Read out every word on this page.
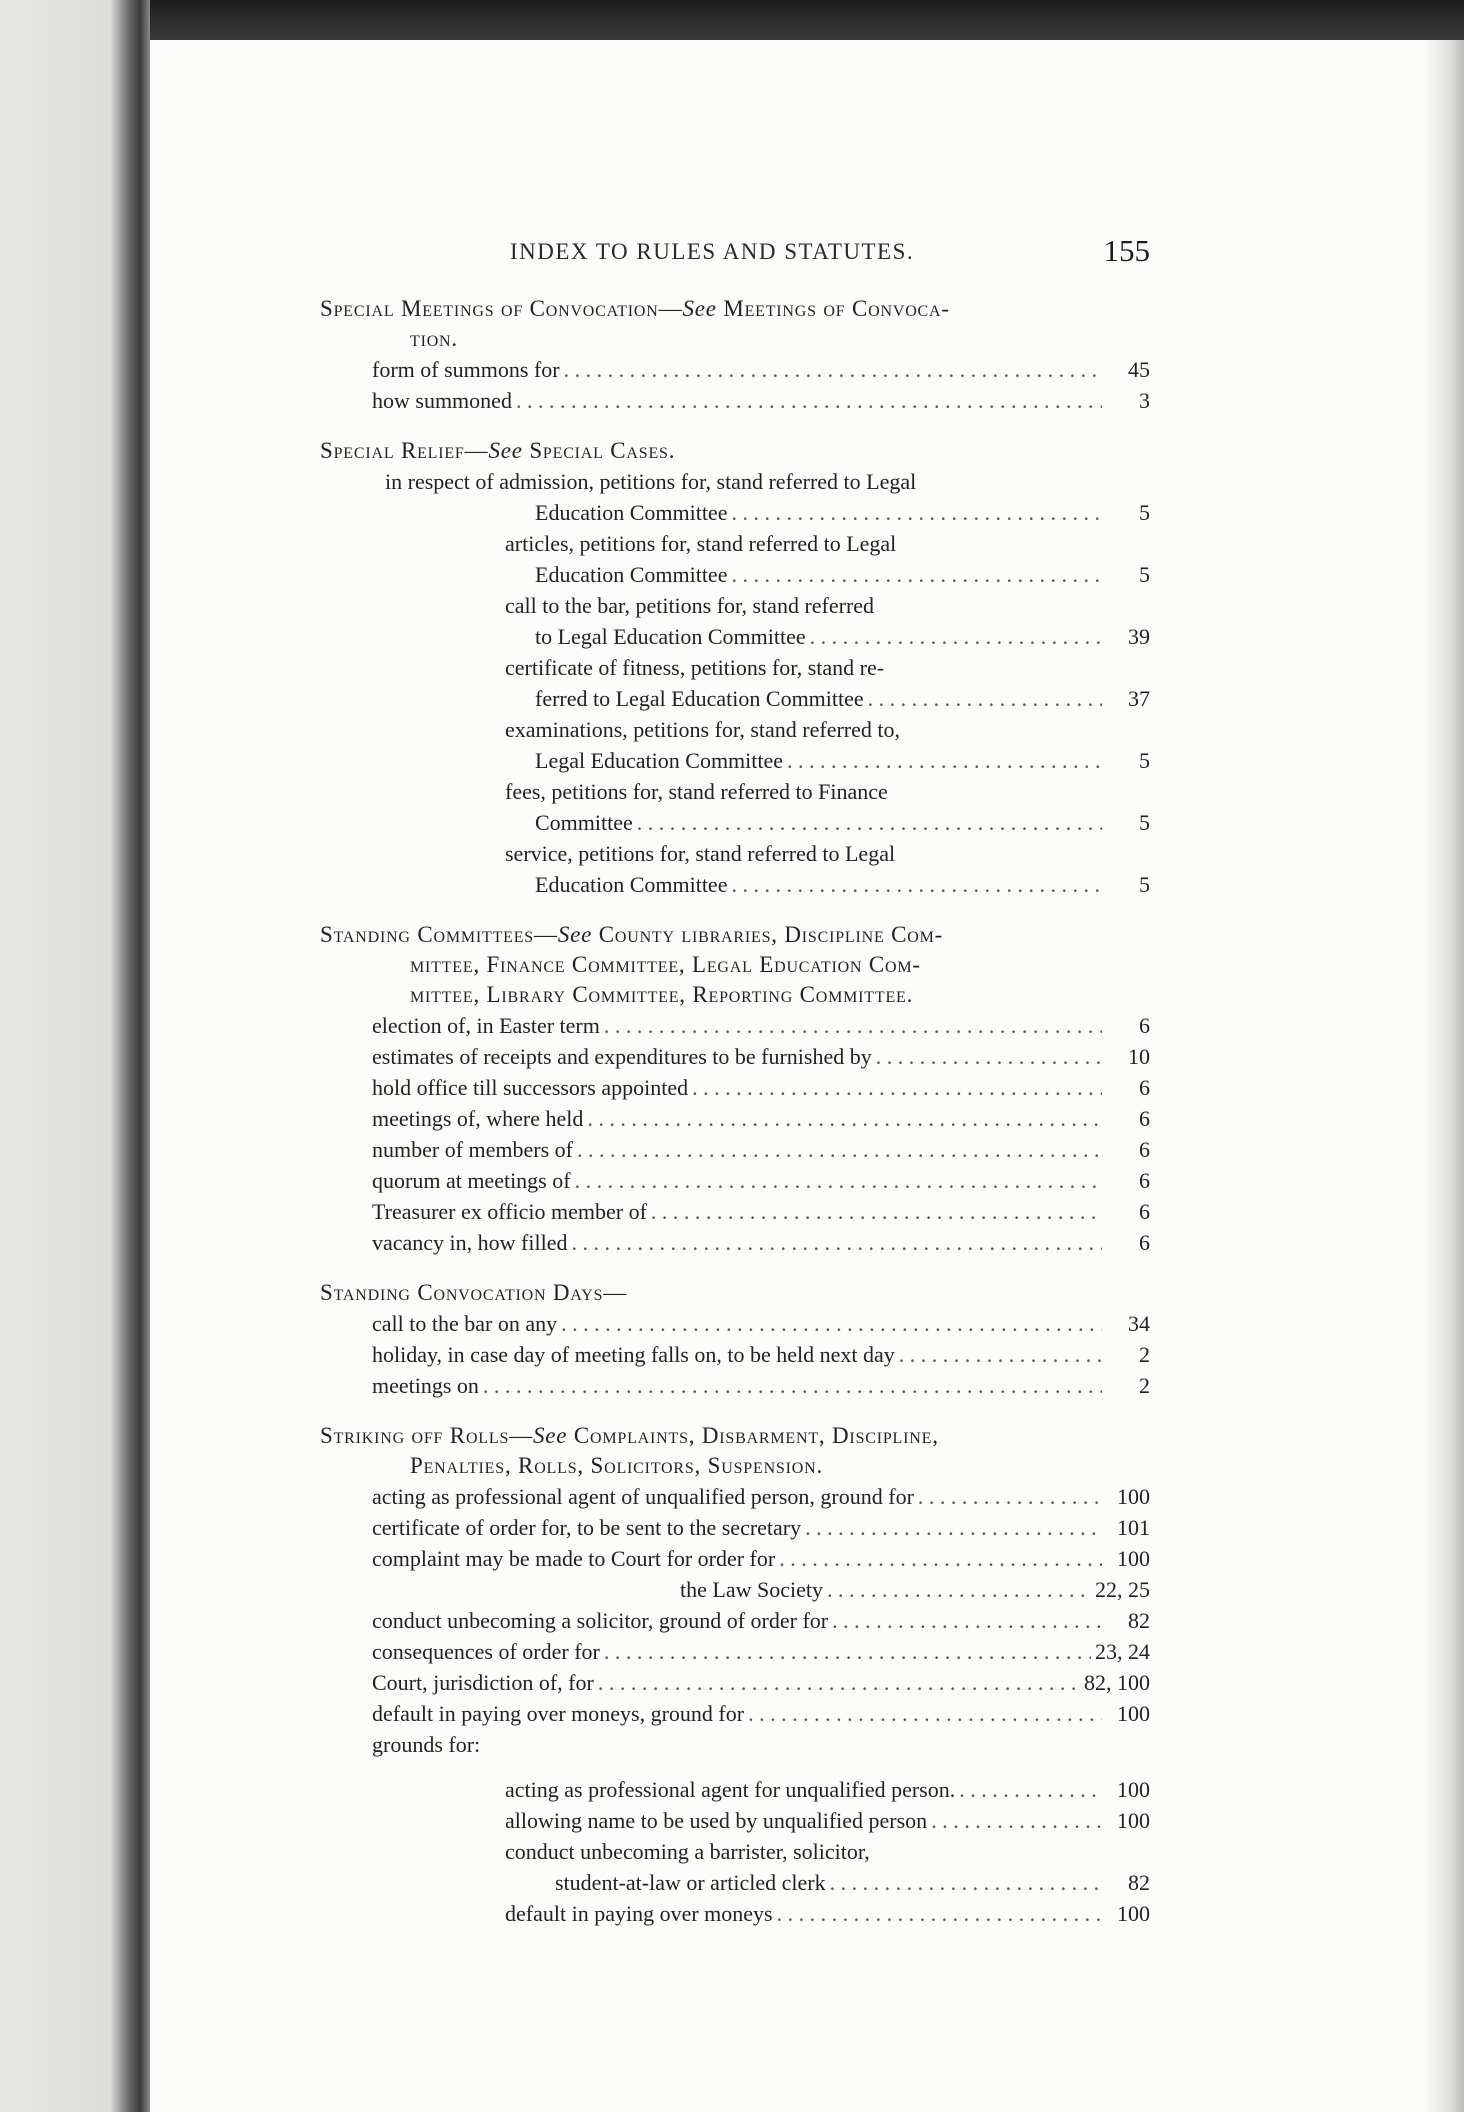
INDEX TO RULES AND STATUTES.	155
Special Meetings of Convocation—See Meetings of Convoca-
tion.
form of summons for . . .	45
how summoned . . .	3
Special Relief—See Special Cases.
in respect of admission, petitions for, stand referred to Legal
Education Committee . . .	5
articles, petitions for, stand referred to Legal
Education Committee . . .	5
call to the bar, petitions for, stand referred
to Legal Education Committee . . .	39
certificate of fitness, petitions for, stand re-
ferred to Legal Education Committee . . .	37
examinations, petitions for, stand referred to,
Legal Education Committee . . .	5
fees, petitions for, stand referred to Finance
Committee . . .	5
service, petitions for, stand referred to Legal
Education Committee . . .	5
Standing Committees—See County libraries, Discipline Com-
mittee, Finance Committee, Legal Education Com-
mittee, Library Committee, Reporting Committee.
election of, in Easter term . . .	6
estimates of receipts and expenditures to be furnished by . . .	10
hold office till successors appointed . . .	6
meetings of, where held . . .	6
number of members of . . .	6
quorum at meetings of . . .	6
Treasurer ex officio member of . . .	6
vacancy in, how filled . . .	6
Standing Convocation Days—
call to the bar on any . . .	34
holiday, in case day of meeting falls on, to be held next day . . .	2
meetings on . . .	2
Striking off Rolls—See Complaints, Disbarment, Discipline,
Penalties, Rolls, Solicitors, Suspension.
acting as professional agent of unqualified person, ground for . . .	100
certificate of order for, to be sent to the secretary . . .	101
complaint may be made to Court for order for . . .	100
the Law Society . . .	22, 25
conduct unbecoming a solicitor, ground of order for . . .	82
consequences of order for . . .	23, 24
Court, jurisdiction of, for . . .	82, 100
default in paying over moneys, ground for . . .	100
grounds for:
acting as professional agent for unqualified person. . . .	100
allowing name to be used by unqualified person . . .	100
conduct unbecoming a barrister, solicitor,
student-at-law or articled clerk . . .	82
default in paying over moneys . . .	100
